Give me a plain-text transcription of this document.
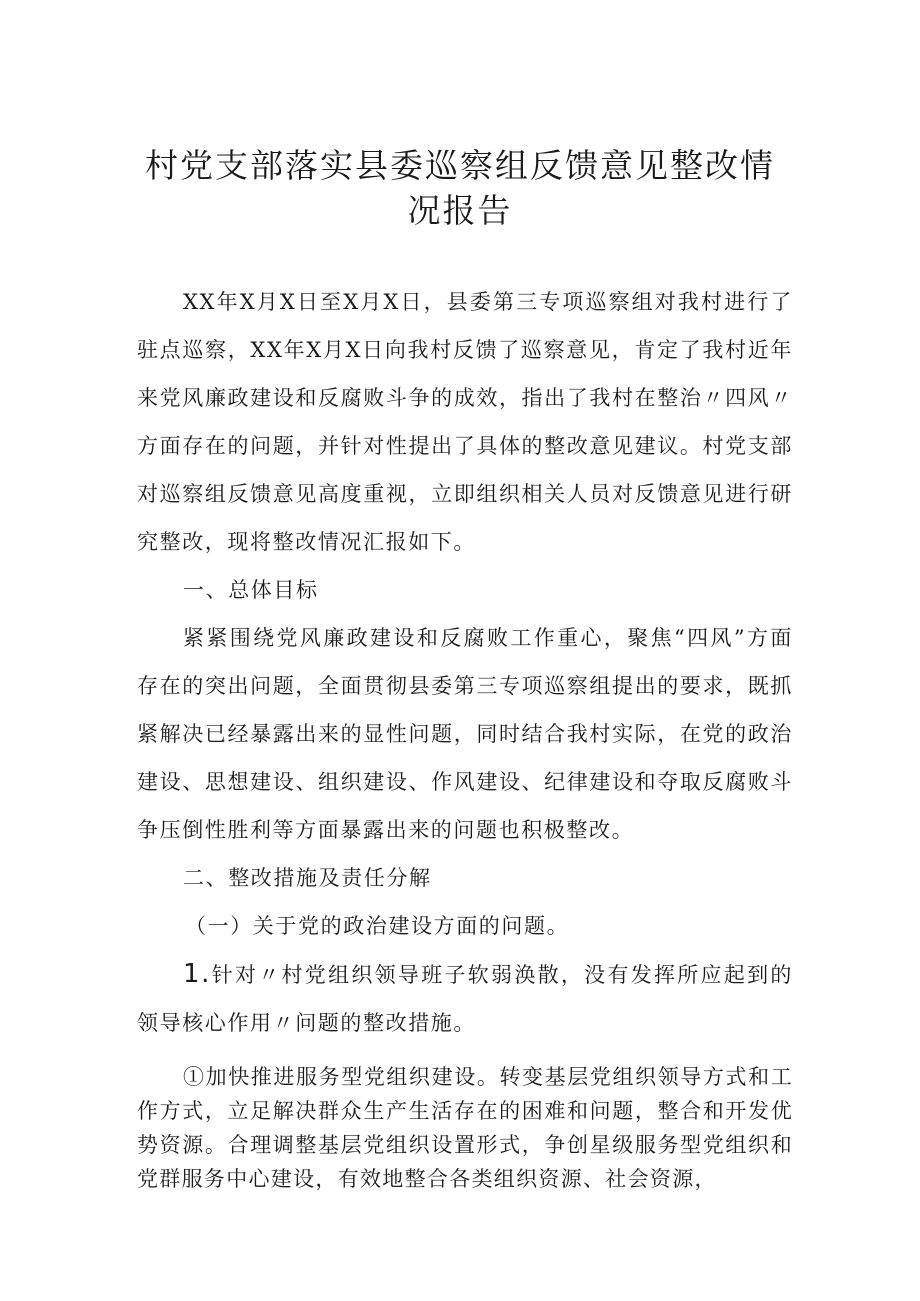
村党支部落实县委巡察组反馈意见整改情
况报告

XX年X月X日至X月X日，县委第三专项巡察组对我村进行了驻点巡察，XX年X月X日向我村反馈了巡察意见，肯定了我村近年来党风廉政建设和反腐败斗争的成效，指出了我村在整治〃四风〃方面存在的问题，并针对性提出了具体的整改意见建议。村党支部对巡察组反馈意见高度重视，立即组织相关人员对反馈意见进行研究整改，现将整改情况汇报如下。

一、总体目标

紧紧围绕党风廉政建设和反腐败工作重心，聚焦“四风”方面存在的突出问题，全面贯彻县委第三专项巡察组提出的要求，既抓紧解决已经暴露出来的显性问题，同时结合我村实际，在党的政治建设、思想建设、组织建设、作风建设、纪律建设和夺取反腐败斗争压倒性胜利等方面暴露出来的问题也积极整改。

二、整改措施及责任分解

（一）关于党的政治建设方面的问题。

1.针对〃村党组织领导班子软弱涣散，没有发挥所应起到的领导核心作用〃问题的整改措施。

①加快推进服务型党组织建设。转变基层党组织领导方式和工作方式，立足解决群众生产生活存在的困难和问题，整合和开发优势资源。合理调整基层党组织设置形式，争创星级服务型党组织和党群服务中心建设，有效地整合各类组织资源、社会资源，
